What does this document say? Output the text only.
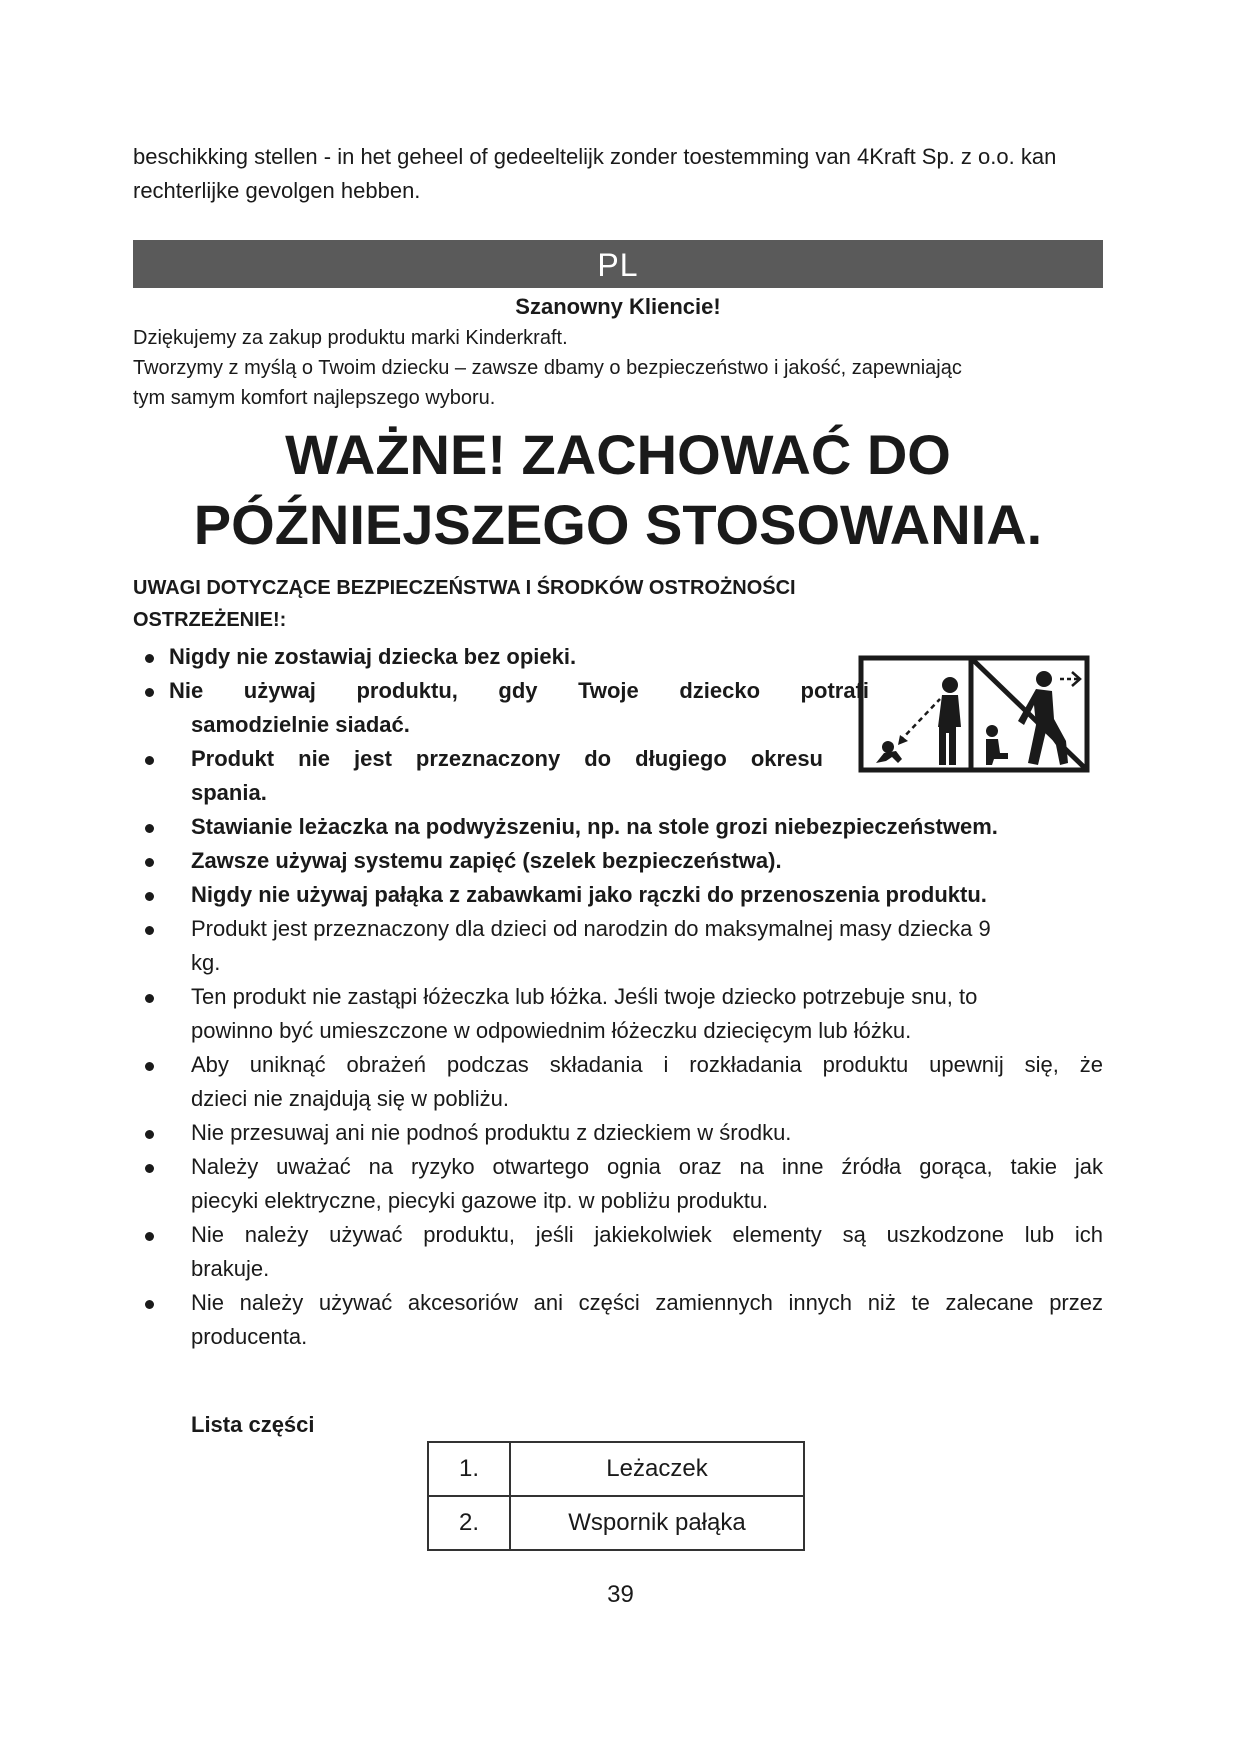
beschikking stellen - in het geheel of gedeeltelijk zonder toestemming van 4Kraft Sp. z o.o. kan
rechterlijke gevolgen hebben.
PL
Szanowny Kliencie!

Dziękujemy za zakup produktu marki Kinderkraft.

Tworzymy z myślą o Twoim dziecku – zawsze dbamy o bezpieczeństwo i jakość, zapewniając

tym samym komfort najlepszego wyboru.

WAŻNE! ZACHOWAĆ DO
PÓŹNIEJSZEGO STOSOWANIA.
UWAGI DOTYCZĄCE BEZPIECZEŃSTWA I ŚRODKÓW OSTROŻNOŚCI
OSTRZEŻENIE!:
Nigdy nie zostawiaj dziecka bez opieki.
Nie używaj produktu, gdy Twoje dziecko potrafi
samodzielnie siadać.
Produkt nie jest przeznaczony do długiego okresu
spania.
Stawianie leżaczka na podwyższeniu, np. na stole grozi niebezpieczeństwem.
Zawsze używaj systemu zapięć (szelek bezpieczeństwa).
Nigdy nie używaj pałąka z zabawkami jako rączki do przenoszenia produktu.
Produkt jest przeznaczony dla dzieci od narodzin do maksymalnej masy dziecka 9
kg.
Ten produkt nie zastąpi łóżeczka lub łóżka. Jeśli twoje dziecko potrzebuje snu, to
powinno być umieszczone w odpowiednim łóżeczku dziecięcym lub łóżku.
Aby uniknąć obrażeń podczas składania i rozkładania produktu upewnij się, że
dzieci nie znajdują się w pobliżu.
Nie przesuwaj ani nie podnoś produktu z dzieckiem w środku.
Należy uważać na ryzyko otwartego ognia oraz na inne źródła gorąca, takie jak
piecyki elektryczne, piecyki gazowe itp. w pobliżu produktu.
Nie należy używać produktu, jeśli jakiekolwiek elementy są uszkodzone lub ich
brakuje.
Nie należy używać akcesoriów ani części zamiennych innych niż te zalecane przez
producenta.
Lista części
1.	Leżaczek
2.	Wspornik pałąka
39
